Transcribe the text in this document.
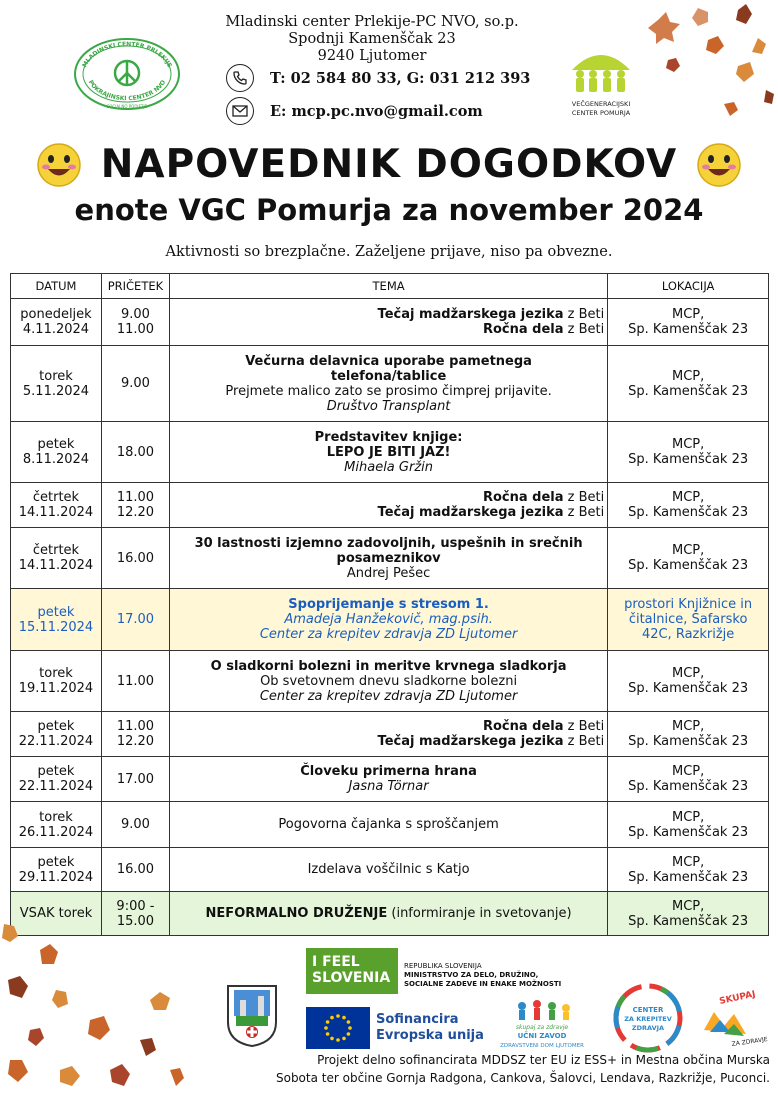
MLADINSKI CENTER PRLEKIJE
POKRAJINSKI CENTER NVO
SOCIALNO PODJETJE
Mladinski center Prlekije-PC NVO, so.p.
Spodnji Kamenščak 23
9240 Ljutomer
T: 02 584 80 33, G: 031 212 393
E: mcp.pc.nvo@gmail.com	VEČGENERACIJSKI
CENTER POMURJA
NAPOVEDNIK DOGODKOV
enote VGC Pomurja za november 2024
Aktivnosti so brezplačne. Zaželjene prijave, niso pa obvezne.
DATUM	PRIČETEK	TEMA	LOKACIJA

ponedeljek
4.11.2024	9.00
11.00	Tečaj madžarskega jezika z Beti
Ročna dela z Beti	MCP,
Sp. Kamenščak 23

torek
5.11.2024	9.00	Večurna delavnica uporabe pametnega telefona/tablice
Prejmete malico zato se prosimo čimprej prijavite.
Društvo Transplant	MCP,
Sp. Kamenščak 23

petek
8.11.2024	18.00	Predstavitev knjige:
LEPO JE BITI JAZ!
Mihaela Gržin	MCP,
Sp. Kamenščak 23

četrtek
14.11.2024	11.00
12.20	Ročna dela z Beti
Tečaj madžarskega jezika z Beti	MCP,
Sp. Kamenščak 23

četrtek
14.11.2024	16.00	30 lastnosti izjemno zadovoljnih, uspešnih in srečnih posameznikov
Andrej Pešec	MCP,
Sp. Kamenščak 23

petek
15.11.2024	17.00	Spoprijemanje s stresom 1.
Amadeja Hanžekovič, mag.psih.
Center za krepitev zdravja ZD Ljutomer	prostori Knjižnice in
čitalnice, Šafarsko
42C, Razkrižje

torek
19.11.2024	11.00	O sladkorni bolezni in meritve krvnega sladkorja
Ob svetovnem dnevu sladkorne bolezni
Center za krepitev zdravja ZD Ljutomer	MCP,
Sp. Kamenščak 23

petek
22.11.2024	11.00
12.20	Ročna dela z Beti
Tečaj madžarskega jezika z Beti	MCP,
Sp. Kamenščak 23

petek
22.11.2024	17.00	Človeku primerna hrana
Jasna Törnar	MCP,
Sp. Kamenščak 23

torek
26.11.2024	9.00	Pogovorna čajanka s sproščanjem	MCP,
Sp. Kamenščak 23

petek
29.11.2024	16.00	Izdelava voščilnic s Katjo	MCP,
Sp. Kamenščak 23

VSAK torek	9:00 -
15.00	NEFORMALNO DRUŽENJE (informiranje in svetovanje)	MCP,
Sp. Kamenščak 23
I FEEL
SLOVENIA
REPUBLIKA SLOVENIJA
MINISTRSTVO ZA DELO, DRUŽINO,
SOCIALNE ZADEVE IN ENAKE MOŽNOSTI
Sofinancira
Evropska unija
skupaj za zdravje
UČNI ZAVOD
ZDRAVSTVENI DOM LJUTOMER
CENTER
ZA KREPITEV
ZDRAVJA
SKUPAJ
ZA ZDRAVJE
Projekt delno sofinancirata MDDSZ ter EU iz ESS+ in Mestna občina Murska
Sobota ter občine Gornja Radgona, Cankova, Šalovci, Lendava, Razkrižje, Puconci.
